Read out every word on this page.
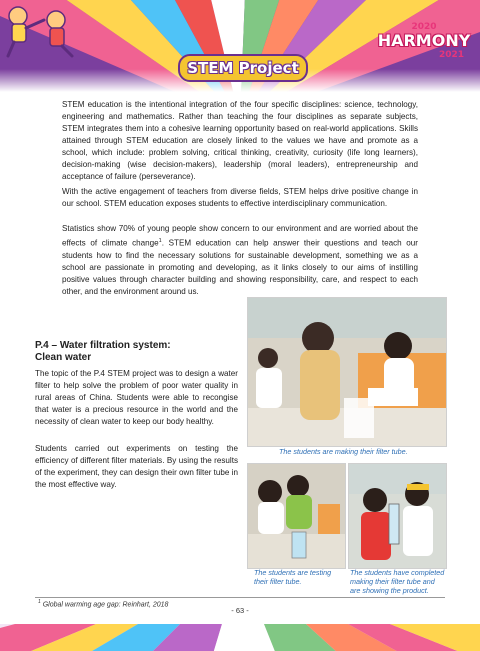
STEM Project
2020
HARMONY
2021

STEM education is the intentional integration of the four specific disciplines: science, technology, engineering and mathematics. Rather than teaching the four disciplines as separate subjects, STEM integrates them into a cohesive learning opportunity based on real-world applications. Skills attained through STEM education are closely linked to the values we have and promote as a school, which include: problem solving, critical thinking, creativity, curiosity (life long learners), decision-making (wise decision-makers), leadership (moral leaders), entrepreneurship and acceptance of failure (perseverance).

With the active engagement of teachers from diverse fields, STEM helps drive positive change in our school. STEM education exposes students to effective interdisciplinary communication.

Statistics show 70% of young people show concern to our environment and are worried about the effects of climate change$^1$. STEM education can help answer their questions and teach our students how to find the necessary solutions for sustainable development, something we as a school are passionate in promoting and developing, as it links closely to our aims of instilling positive values through character building and showing responsibility, care, and respect to each other, and the environment around us.

P.4 – Water filtration system:
Clean water

The topic of the P.4 STEM project was to design a water filter to help solve the problem of poor water quality in rural areas of China. Students were able to recongise that water is a precious resource in the world and the necessity of clean water to keep our body healthy.

Students carried out experiments on testing the efficiency of different filter materials. By using the results of the experiment, they can design their own filter tube in the most effective way.

The students are making their filter tube.

The students are testing
their filter tube.

The students have completed
making their filter tube and
are showing the product.

$^1$ Global warming age gap: Reinhart, 2018

- 63 -
